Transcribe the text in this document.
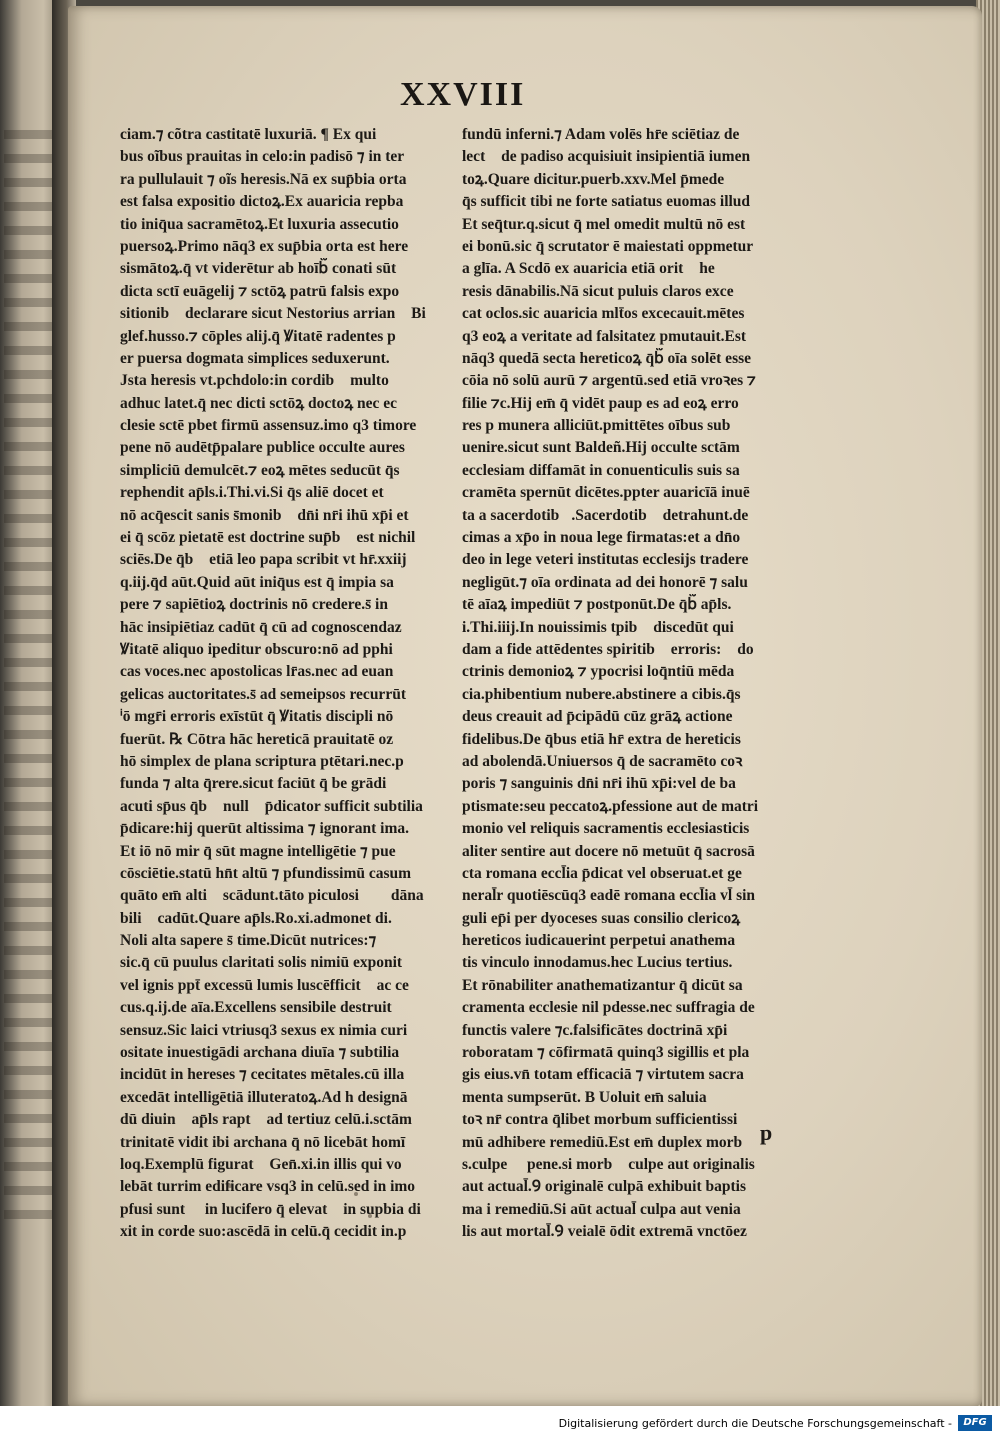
XXVIII
ciam.⁊ cõtra castitatē luxuriā. ¶ Ex qui
bus oĩbus prauitas in celo:in padisō ⁊ in ter
ra pullulauit ⁊ oĩs heresis.Nā ex sup̄bia orta
est falsa expositio dictoꝝ.Ex auaricia repba
tio iniq̄ua sacramētoꝝ.Et luxuria assecutio
puersoꝝ.Primo nāq3 ex sup̄bia orta est here
sismātoꝝ.q̄ vt viderētur ab hoīb᷑ conati sūt
dicta sctī euāgelij ⁊ sctōꝝ patrū falsis expo
sitionib᷑ declarare sicut Nestorius arrian᷑ Bi
glef.husso.⁊ cōples alij.q̄ Ꝟitatē radentes p
er puersa dogmata simplices seduxerunt.
Jsta heresis vt.pchdolo:in cordib᷑ multoꝝ
adhuc latet.q̄ nec dicti sctōꝝ doctoꝝ nec ec
clesie sctē pbet firmū assensuz.imo q3 timore
pene nō audētp̄palare publice occulte aures
simpliciū demulcēt.⁊ eoꝝ mētes seducūt q̄s
rephendit ap̄ls.i.Thi.vi.Si q̄s aliē docet et
nō acq̄escit sanis s̄monib᷑ dn̄i nr̄i ihū xp̄i et
ei q̄ scōz pietatē est doctrine sup̄b᷑ est nichil
sciēs.De q̄b᷑ etiā leo papa scribit vt hr̄.xxiij
q.iij.q̄d aūt.Quid aūt iniq̄us est q̄ impia sa
pere ⁊ sapiētioꝝ doctrinis nō credere.s̄ in
hāc insipiētiaz cadūt q̄ cū ad cognoscendaz
Ꝟitatē aliquo ipeditur obscuro:nō ad pphi
cas voces.nec apostolicas lr̄as.nec ad euan
gelicas auctoritates.s̄ ad semeipsos recurrūt
ⁱō mgr̄i erroris exīstūt q̄ Ꝟitatis discipli nō
fuerūt. ℞ Cōtra hāc hereticā prauitatē oz
hō simplex de plana scriptura ptētari.nec.p
funda ⁊ alta q̄rere.sicut faciūt q̄ be grādi
acuti sp̄us q̄b᷑ null᷑ p̄dicator sufficit subtilia
p̄dicare:hij querūt altissima ⁊ ignorant ima.
Et iō nō mir q̄ sūt magne intelligētie ⁊ pue
cōsciētie.statū hn̄t altū ⁊ pfundissimū casum
quāto em̄ alti᷑ scādunt.tāto piculosi᷑ ⁊ dāna
bili᷑ cadūt.Quare ap̄ls.Ro.xi.admonet di.
Noli alta sapere s̄ time.Dicūt nutrices:⁊
sic.q̄ cū puulus claritati solis nimiū exponit᷑
vel ignis ppt̄ excessū lumis luscēfficit᷑ ac ce
cus.q.ij.de aīa.Excellens sensibile destruit
sensuz.Sic laici vtriusq3 sexus ex nimia curi
ositate inuestigādi archana diuīa ⁊ subtilia
incidūt in hereses ⁊ cecitates mētales.cū illa
excedāt intelligētiā illuteratoꝝ.Ad h designā
dū diuin᷑ ap̄ls rapt᷑ ad tertiuz celū.i.sctām
trinitatē vidit ibi archana q̄ nō licebāt homī
loq.Exemplū figurat᷑ Gen̄.xi.in illis qui vo
lebāt turrim edificare vsq3 in celū.sed in imo
pfusi sunt ⁊ in lucifero q̄ elevat᷑ in supbia di
xit in corde suo:ascēdā in celū.q̄ cecidit in.p
fundū inferni.⁊ Adam volēs hr̄e sciētiaz de
lect᷑ de padiso acquisiuit insipientiā iumen
toꝝ.Quare dicitur.puerb.xxv.Mel p̄mede
q̄s sufficit tibi ne forte satiatus euomas illud
Et seq̄tur.q.sicut q̄ mel omedit multū nō est
ei bonū.sic q̄ scrutator ē maiestati oppmetur
a glīa. A Scdō ex auaricia etiā orit᷑ he
resis dānabilis.Nā sicut puluis claros exce
cat oclos.sic auaricia mlt̄os excecauit.mētes
q3 eoꝝ a veritate ad falsitatez pmutauit.Est
nāq3 quedā secta hereticoꝝ q̄b᷑ oīa solēt esse
cōia nō solū aurū ⁊ argentū.sed etiā vroꝛes ⁊
filie ⁊c.Hij em̄ q̄ vidēt paup es ad eoꝝ erro
res p munera alliciūt.pmittētes oībus sub
uenire.sicut sunt Baldeñ.Hij occulte sctām
ecclesiam diffamāt in conuenticulis suis sa
cramēta spernūt dicētes.ppter auaricīā inuē
ta a sacerdotib᷑.Sacerdotib᷑ detrahunt.de
cimas a xp̄o in noua lege firmatas:et a dn̄o
deo in lege veteri institutas ecclesijs tradere
negligūt.⁊ oīa ordinata ad dei honorē ⁊ salu
tē aīaꝝ impediūt ⁊ postponūt.De q̄b᷑ ap̄ls.
i.Thi.iiij.In nouissimis tpib᷑ discedūt qui
dam a fide attēdentes spiritib᷑ erroris:⁊ do
ctrinis demonioꝝ ⁊ ypocrisi loq̄ntiū mēda
cia.phibentium nubere.abstinere a cibis.q̄s
deus creauit ad p̄cipādū cūz grāꝝ actione
fidelibus.De q̄bus etiā hr̄ extra de hereticis
ad abolendā.Uniuersos q̄ de sacramēto coꝛ
poris ⁊ sanguinis dn̄i nr̄i ihū xp̄i:vel de ba
ptismate:seu peccatoꝝ.pfessione aut de matri
monio vel reliquis sacramentis ecclesiasticis
aliter sentire aut docere nō metuūt q̄ sacrosā
cta romana eccl̄ia p̄dicat vel obseruat.et ge
neral̄r quotiēscūq3 eadē romana eccl̄ia vl̄ sin
guli ep̄i per dyoceses suas consilio clericoꝝ
hereticos iudicauerint perpetui anathema
tis vinculo innodamus.hec Lucius tertius.
Et rōnabiliter anathematizantur q̄ dicūt sa
cramenta ecclesie nil pdesse.nec suffragia de
functis valere ⁊c.falsificātes doctrinā xp̄i
roboratam ⁊ cōfirmatā quinq3 sigillis et pla
gis eius.vn̄ totam efficaciā ⁊ virtutem sacra
menta sumpserūt. B Uoluit em̄ saluia
toꝛ nr̄ contra q̄libet morbum sufficientissi
mū adhibere remediū.Est em̄ duplex morb᷑
s.culpe ⁊ pene.si morb᷑ culpe aut originalis
aut actual̄.Ꝯ originalē culpā exhibuit baptis
ma i remediū.Si aūt actual̄ culpa aut venia
lis aut mortal̄.Ꝯ veialē ōdit extremā vnctōez
p
Digitalisierung gefördert durch die Deutsche Forschungsgemeinschaft -	DFG
